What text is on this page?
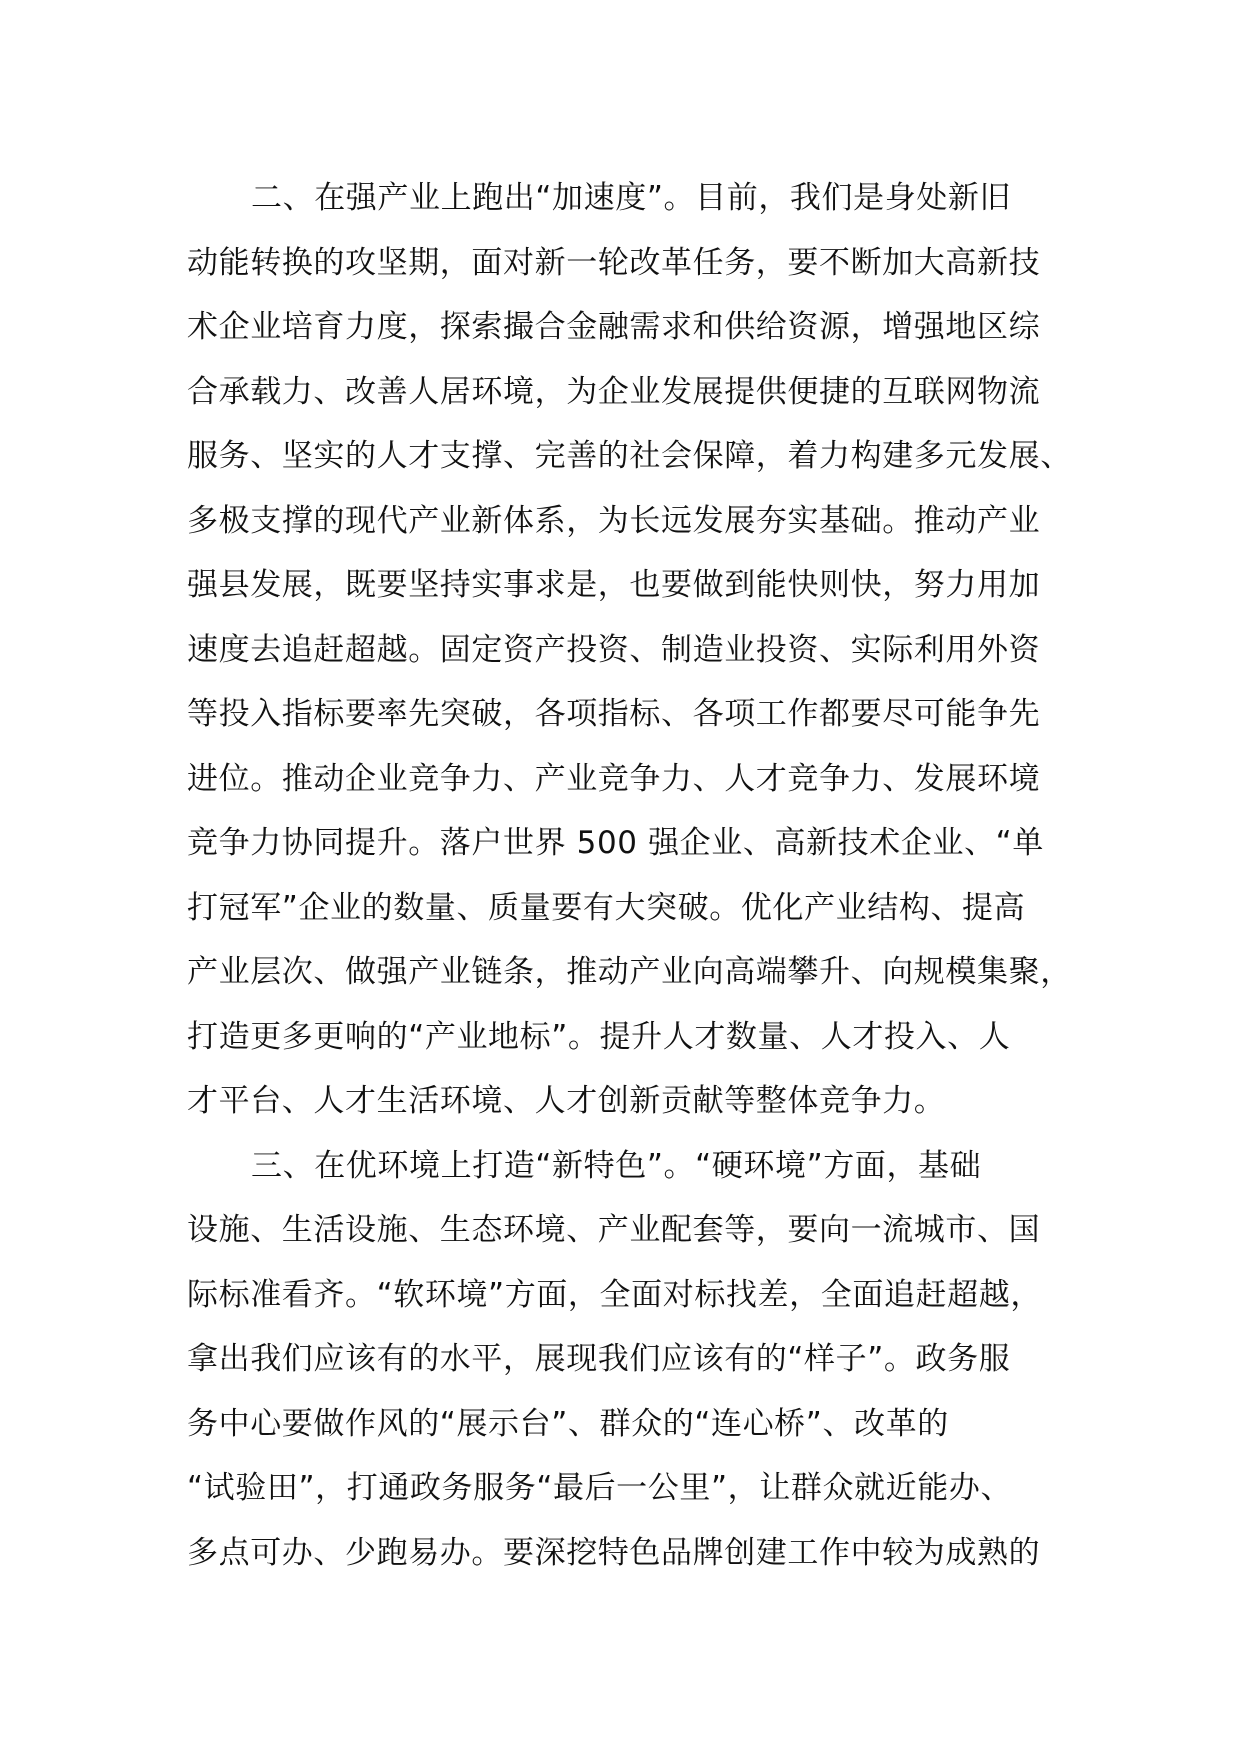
二、在强产业上跑出“加速度”。目前，我们是身处新旧
动能转换的攻坚期，面对新一轮改革任务，要不断加大高新技
术企业培育力度，探索撮合金融需求和供给资源，增强地区综
合承载力、改善人居环境，为企业发展提供便捷的互联网物流
服务、坚实的人才支撑、完善的社会保障，着力构建多元发展、
多极支撑的现代产业新体系，为长远发展夯实基础。推动产业
强县发展，既要坚持实事求是，也要做到能快则快，努力用加
速度去追赶超越。固定资产投资、制造业投资、实际利用外资
等投入指标要率先突破，各项指标、各项工作都要尽可能争先
进位。推动企业竞争力、产业竞争力、人才竞争力、发展环境
竞争力协同提升。落户世界 500 强企业、高新技术企业、“单
打冠军”企业的数量、质量要有大突破。优化产业结构、提高
产业层次、做强产业链条，推动产业向高端攀升、向规模集聚，
打造更多更响的“产业地标”。提升人才数量、人才投入、人
才平台、人才生活环境、人才创新贡献等整体竞争力。
三、在优环境上打造“新特色”。“硬环境”方面，基础
设施、生活设施、生态环境、产业配套等，要向一流城市、国
际标准看齐。“软环境”方面，全面对标找差，全面追赶超越，
拿出我们应该有的水平，展现我们应该有的“样子”。政务服
务中心要做作风的“展示台”、群众的“连心桥”、改革的
“试验田”，打通政务服务“最后一公里”，让群众就近能办、
多点可办、少跑易办。要深挖特色品牌创建工作中较为成熟的
